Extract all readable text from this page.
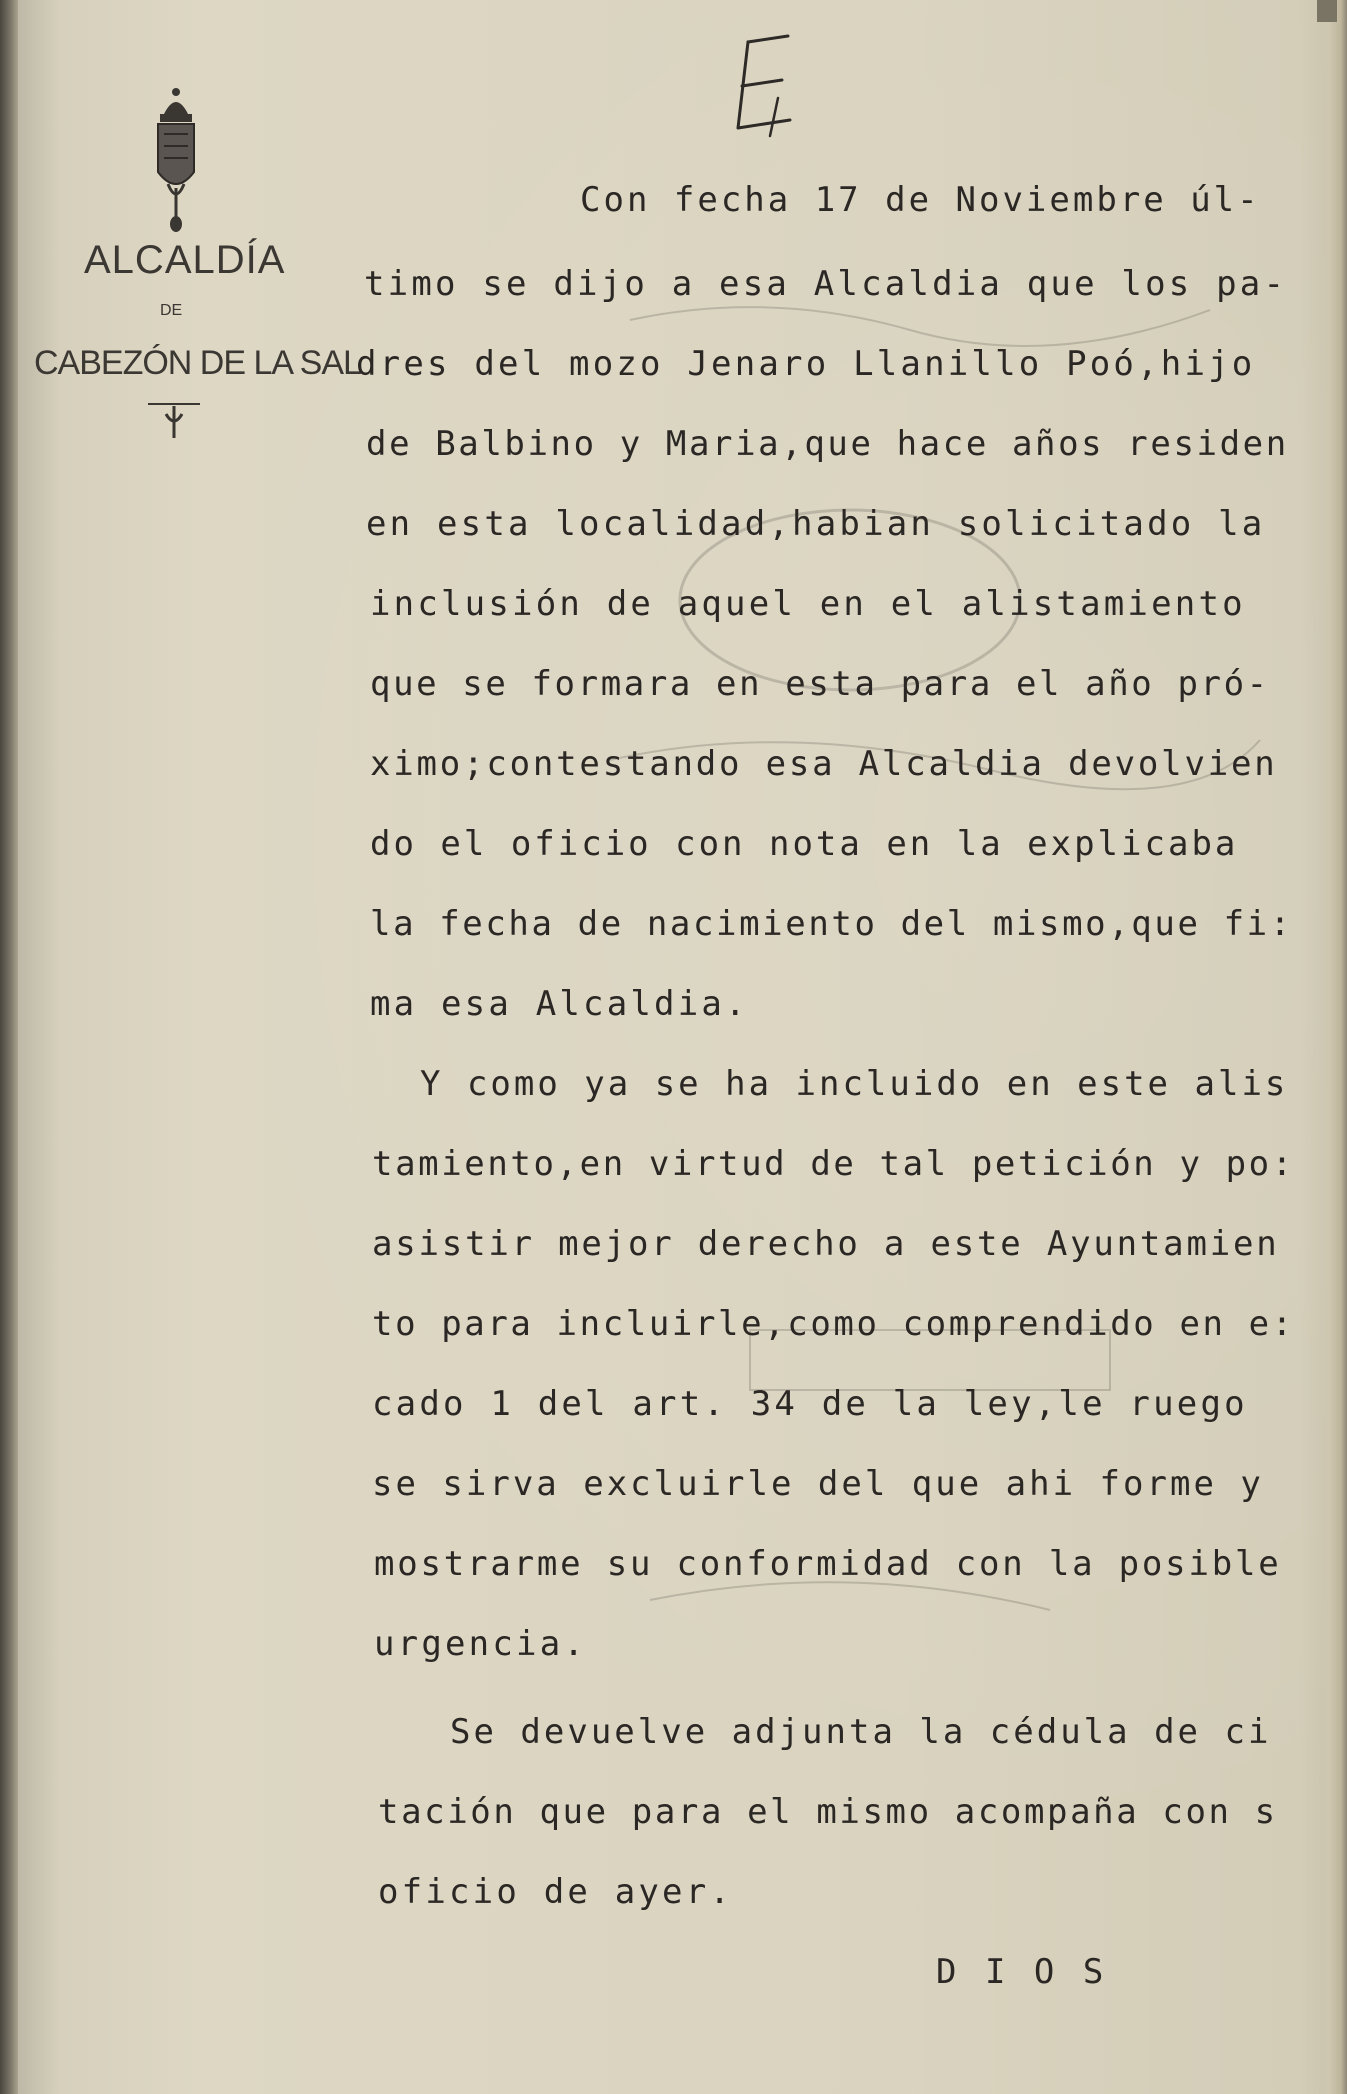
ALCALDÍA
DE
CABEZÓN DE LA SAL
Con fecha 17 de Noviembre úl-
timo se dijo a esa Alcaldia que los pa-
dres del mozo Jenaro Llanillo Poó,hijo
de Balbino y Maria,que hace años residen
en esta localidad,habian solicitado la
inclusión de aquel en el alistamiento
que se formara en esta para el año pró-
ximo;contestando esa Alcaldia devolvien
do el oficio con nota en la explicaba
la fecha de nacimiento del mismo,que fi:
ma esa Alcaldia.
Y como ya se ha incluido en este alis
tamiento,en virtud de tal petición y po:
asistir mejor derecho a este Ayuntamien
to para incluirle,como comprendido en e:
cado 1 del art. 34 de la ley,le ruego
se sirva excluirle del que ahi forme y
mostrarme su conformidad con la posible
urgencia.
Se devuelve adjunta la cédula de ci
tación que para el mismo acompaña con s
oficio de ayer.
D I O S
